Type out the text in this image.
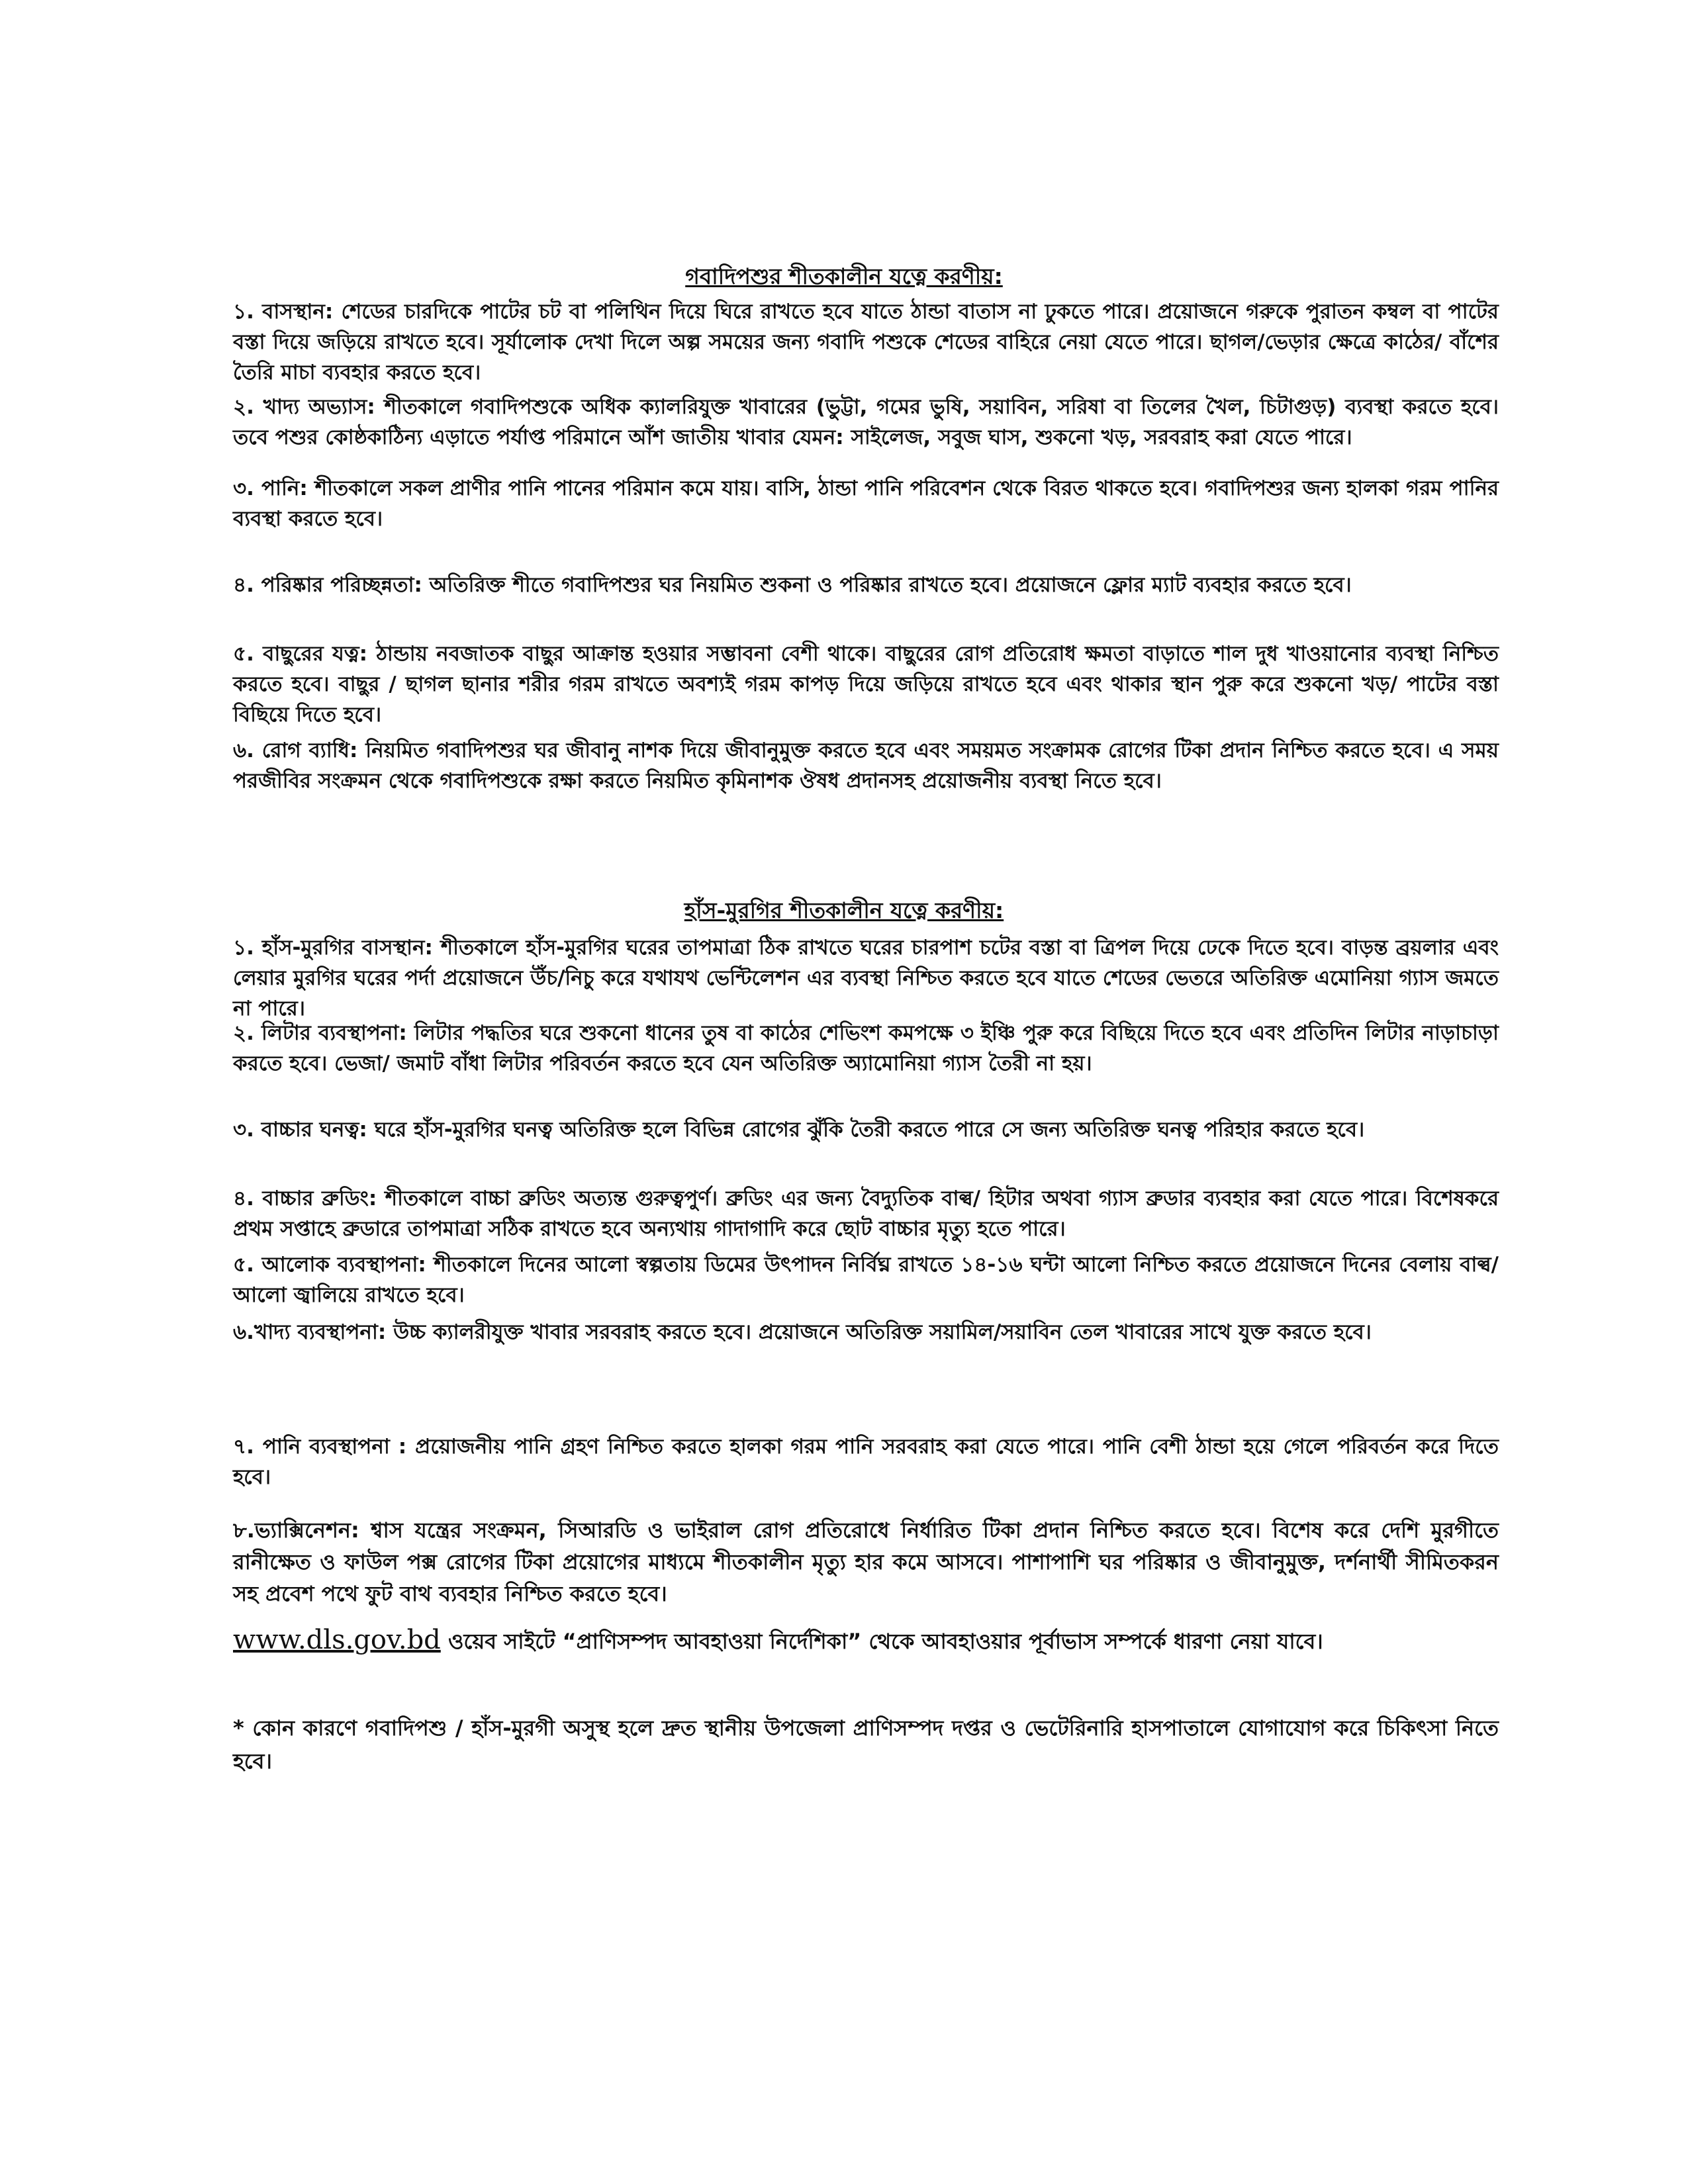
গবাদিপশুর শীতকালীন যত্নে করণীয়:

১. বাসস্থান: শেডের চারদিকে পাটের চট বা পলিথিন দিয়ে ঘিরে রাখতে হবে যাতে ঠান্ডা বাতাস না ঢুকতে পারে। প্রয়োজনে গরুকে পুরাতন কম্বল বা পাটের বস্তা দিয়ে জড়িয়ে রাখতে হবে। সূর্যালোক দেখা দিলে অল্প সময়ের জন্য গবাদি পশুকে শেডের বাহিরে নেয়া যেতে পারে। ছাগল/ভেড়ার ক্ষেত্রে কাঠের/ বাঁশের তৈরি মাচা ব্যবহার করতে হবে।

২. খাদ্য অভ্যাস: শীতকালে গবাদিপশুকে অধিক ক্যালরিযুক্ত খাবারের (ভুট্টা, গমের ভুষি, সয়াবিন, সরিষা বা তিলের খৈল, চিটাগুড়) ব্যবস্থা করতে হবে। তবে পশুর কোষ্ঠকাঠিন্য এড়াতে পর্যাপ্ত পরিমানে আঁশ জাতীয় খাবার যেমন: সাইলেজ, সবুজ ঘাস, শুকনো খড়, সরবরাহ করা যেতে পারে।

৩. পানি: শীতকালে সকল প্রাণীর পানি পানের পরিমান কমে যায়। বাসি, ঠান্ডা পানি পরিবেশন থেকে বিরত থাকতে হবে। গবাদিপশুর জন্য হালকা গরম পানির ব্যবস্থা করতে হবে।

৪. পরিষ্কার পরিচ্ছন্নতা: অতিরিক্ত শীতে গবাদিপশুর ঘর নিয়মিত শুকনা ও পরিষ্কার রাখতে হবে। প্রয়োজনে ফ্লোর ম্যাট ব্যবহার করতে হবে।

৫. বাছুরের যত্ন: ঠান্ডায় নবজাতক বাছুর আক্রান্ত হওয়ার সম্ভাবনা বেশী থাকে। বাছুরের রোগ প্রতিরোধ ক্ষমতা বাড়াতে শাল দুধ খাওয়ানোর ব্যবস্থা নিশ্চিত করতে হবে। বাছুর / ছাগল ছানার শরীর গরম রাখতে অবশ্যই গরম কাপড় দিয়ে জড়িয়ে রাখতে হবে এবং থাকার স্থান পুরু করে শুকনো খড়/ পাটের বস্তা বিছিয়ে দিতে হবে।

৬. রোগ ব্যাধি: নিয়মিত গবাদিপশুর ঘর জীবানু নাশক দিয়ে জীবানুমুক্ত করতে হবে এবং সময়মত সংক্রামক রোগের টিকা প্রদান নিশ্চিত করতে হবে। এ সময় পরজীবির সংক্রমন থেকে গবাদিপশুকে রক্ষা করতে নিয়মিত কৃমিনাশক ঔষধ প্রদানসহ প্রয়োজনীয় ব্যবস্থা নিতে হবে।

হাঁস-মুরগির শীতকালীন যত্নে করণীয়:

১. হাঁস-মুরগির বাসস্থান: শীতকালে হাঁস-মুরগির ঘরের তাপমাত্রা ঠিক রাখতে ঘরের চারপাশ চটের বস্তা বা ত্রিপল দিয়ে ঢেকে দিতে হবে। বাড়ন্ত ব্রয়লার এবং লেয়ার মুরগির ঘরের পর্দা প্রয়োজনে উঁচ/নিচু করে যথাযথ ভেন্টিলেশন এর ব্যবস্থা নিশ্চিত করতে হবে যাতে শেডের ভেতরে অতিরিক্ত এমোনিয়া গ্যাস জমতে না পারে।

২. লিটার ব্যবস্থাপনা: লিটার পদ্ধতির ঘরে শুকনো ধানের তুষ বা কাঠের শেভিংশ কমপক্ষে ৩ ইঞ্চি পুরু করে বিছিয়ে দিতে হবে এবং প্রতিদিন লিটার নাড়াচাড়া করতে হবে। ভেজা/ জমাট বাঁধা লিটার পরিবর্তন করতে হবে যেন অতিরিক্ত অ্যামোনিয়া গ্যাস তৈরী না হয়।

৩. বাচ্চার ঘনত্ব: ঘরে হাঁস-মুরগির ঘনত্ব অতিরিক্ত হলে বিভিন্ন রোগের ঝুঁকি তৈরী করতে পারে সে জন্য অতিরিক্ত ঘনত্ব পরিহার করতে হবে।

৪. বাচ্চার ব্রুডিং: শীতকালে বাচ্চা ব্রুডিং অত্যন্ত গুরুত্বপুর্ণ। ব্রুডিং এর জন্য বৈদ্যুতিক বাল্ব/ হিটার অথবা গ্যাস ব্রুডার ব্যবহার করা যেতে পারে। বিশেষকরে প্রথম সপ্তাহে ব্রুডারে তাপমাত্রা সঠিক রাখতে হবে অন্যথায় গাদাগাদি করে ছোট বাচ্চার মৃত্যু হতে পারে।

৫. আলোক ব্যবস্থাপনা: শীতকালে দিনের আলো স্বল্পতায় ডিমের উৎপাদন নির্বিঘ্ন রাখতে ১৪-১৬ ঘন্টা আলো নিশ্চিত করতে প্রয়োজনে দিনের বেলায় বাল্ব/আলো জ্বালিয়ে রাখতে হবে।

৬.খাদ্য ব্যবস্থাপনা: উচ্চ ক্যালরীযুক্ত খাবার সরবরাহ করতে হবে। প্রয়োজনে অতিরিক্ত সয়ামিল/সয়াবিন তেল খাবারের সাথে যুক্ত করতে হবে।

৭. পানি ব্যবস্থাপনা : প্রয়োজনীয় পানি গ্রহণ নিশ্চিত করতে হালকা গরম পানি সরবরাহ করা যেতে পারে। পানি বেশী ঠান্ডা হয়ে গেলে পরিবর্তন করে দিতে হবে।

৮.ভ্যাক্সিনেশন: শ্বাস যন্ত্রের সংক্রমন, সিআরডি ও ভাইরাল রোগ প্রতিরোধে নির্ধারিত টিকা প্রদান নিশ্চিত করতে হবে। বিশেষ করে দেশি মুরগীতে রানীক্ষেত ও ফাউল পক্স রোগের টিকা প্রয়োগের মাধ্যমে শীতকালীন মৃত্যু হার কমে আসবে। পাশাপাশি ঘর পরিষ্কার ও জীবানুমুক্ত, দর্শনার্থী সীমিতকরন সহ প্রবেশ পথে ফুট বাথ ব্যবহার নিশ্চিত করতে হবে।

www.dls.gov.bd ওয়েব সাইটে “প্রাণিসম্পদ আবহাওয়া নির্দেশিকা” থেকে আবহাওয়ার পূর্বাভাস সম্পর্কে ধারণা নেয়া যাবে।

* কোন কারণে গবাদিপশু / হাঁস-মুরগী অসুস্থ হলে দ্রুত স্থানীয় উপজেলা প্রাণিসম্পদ দপ্তর ও ভেটেরিনারি হাসপাতালে যোগাযোগ করে চিকিৎসা নিতে হবে।
